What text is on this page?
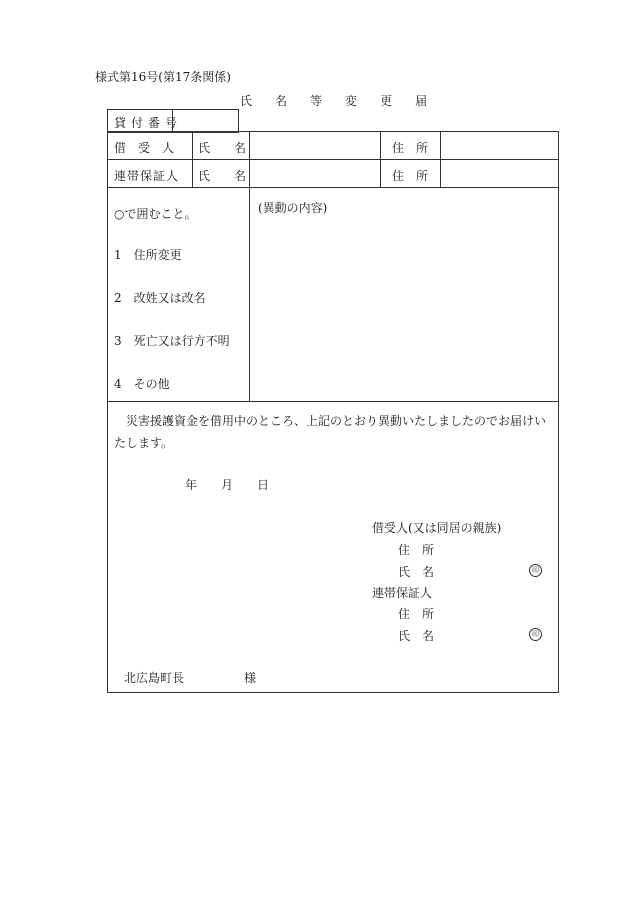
様式第16号(第17条関係)
氏 名 等 変 更 届
貸付番号
借　受　人 氏　　名	住　所
連帯保証人 氏　　名	住　所
○で囲むこと。
1　住所変更
2　改姓又は改名
3　死亡又は行方不明
4　その他
(異動の内容)
　災害援護資金を借用中のところ、上記のとおり異動いたしましたのでお届けいたします。
年 月 日
借受人(又は同居の親族)
住　所
氏　名	印
連帯保証人
住　所
氏　名	印
北広島町長	様
